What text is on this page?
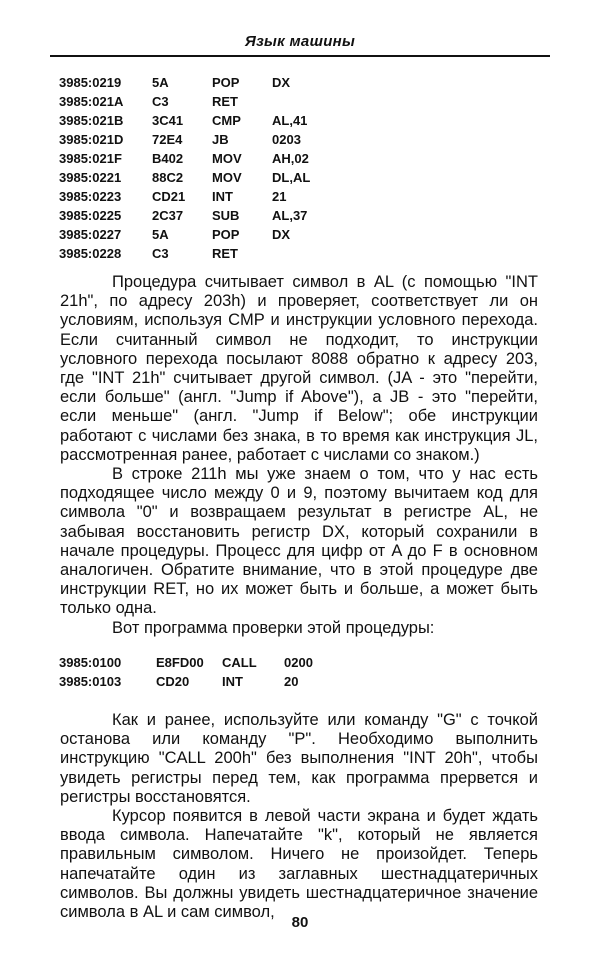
Язык машины
3985:0219 5A	POP	DX
3985:021A C3	RET
3985:021B 3C41 CMP AL,41
3985:021D 72E4 JB	0203
3985:021F B402 MOV AH,02
3985:0221 88C2 MOV DL,AL
3985:0223 CD21 INT	21
3985:0225 2C37 SUB	AL,37
3985:0227 5A	POP	DX
3985:0228 C3	RET

Процедура считывает символ в AL (с помощью "INT 21h", по адресу 203h) и проверяет, соответствует ли он условиям, используя CMP и инструкции условного перехода. Если считанный символ не подходит, то инструкции условного перехода посылают 8088 обратно к адресу 203, где "INT 21h" считывает другой символ. (JA - это "перейти, если больше" (англ. "Jump if Above"), а JB - это "перейти, если меньше" (англ. "Jump if Below"; обе инструкции работают с числами без знака, в то время как инструкция JL, рассмотренная ранее, работает с числами со знаком.)

В строке 211h мы уже знаем о том, что у нас есть подходящее число между 0 и 9, поэтому вычитаем код для символа "0" и возвращаем результат в регистре AL, не забывая восстановить регистр DX, который сохранили в начале процедуры. Процесс для цифр от A до F в основном аналогичен. Обратите внимание, что в этой процедуре две инструкции RET, но их может быть и больше, а может быть только одна.

Вот программа проверки этой процедуры:

3985:0100	E8FD00 CALL 0200
3985:0103	CD20	INT	20

Как и ранее, используйте или команду "G" с точкой останова или команду "P". Необходимо выполнить инструкцию "CALL 200h" без выполнения "INT 20h", чтобы увидеть регистры перед тем, как программа прервется и регистры восстановятся.

Курсор появится в левой части экрана и будет ждать ввода символа. Напечатайте "k", который не является правильным символом. Ничего не произойдет. Теперь напечатайте один из заглавных шестнадцатеричных символов. Вы должны увидеть шестнадцатеричное значение символа в AL и сам символ,

80
